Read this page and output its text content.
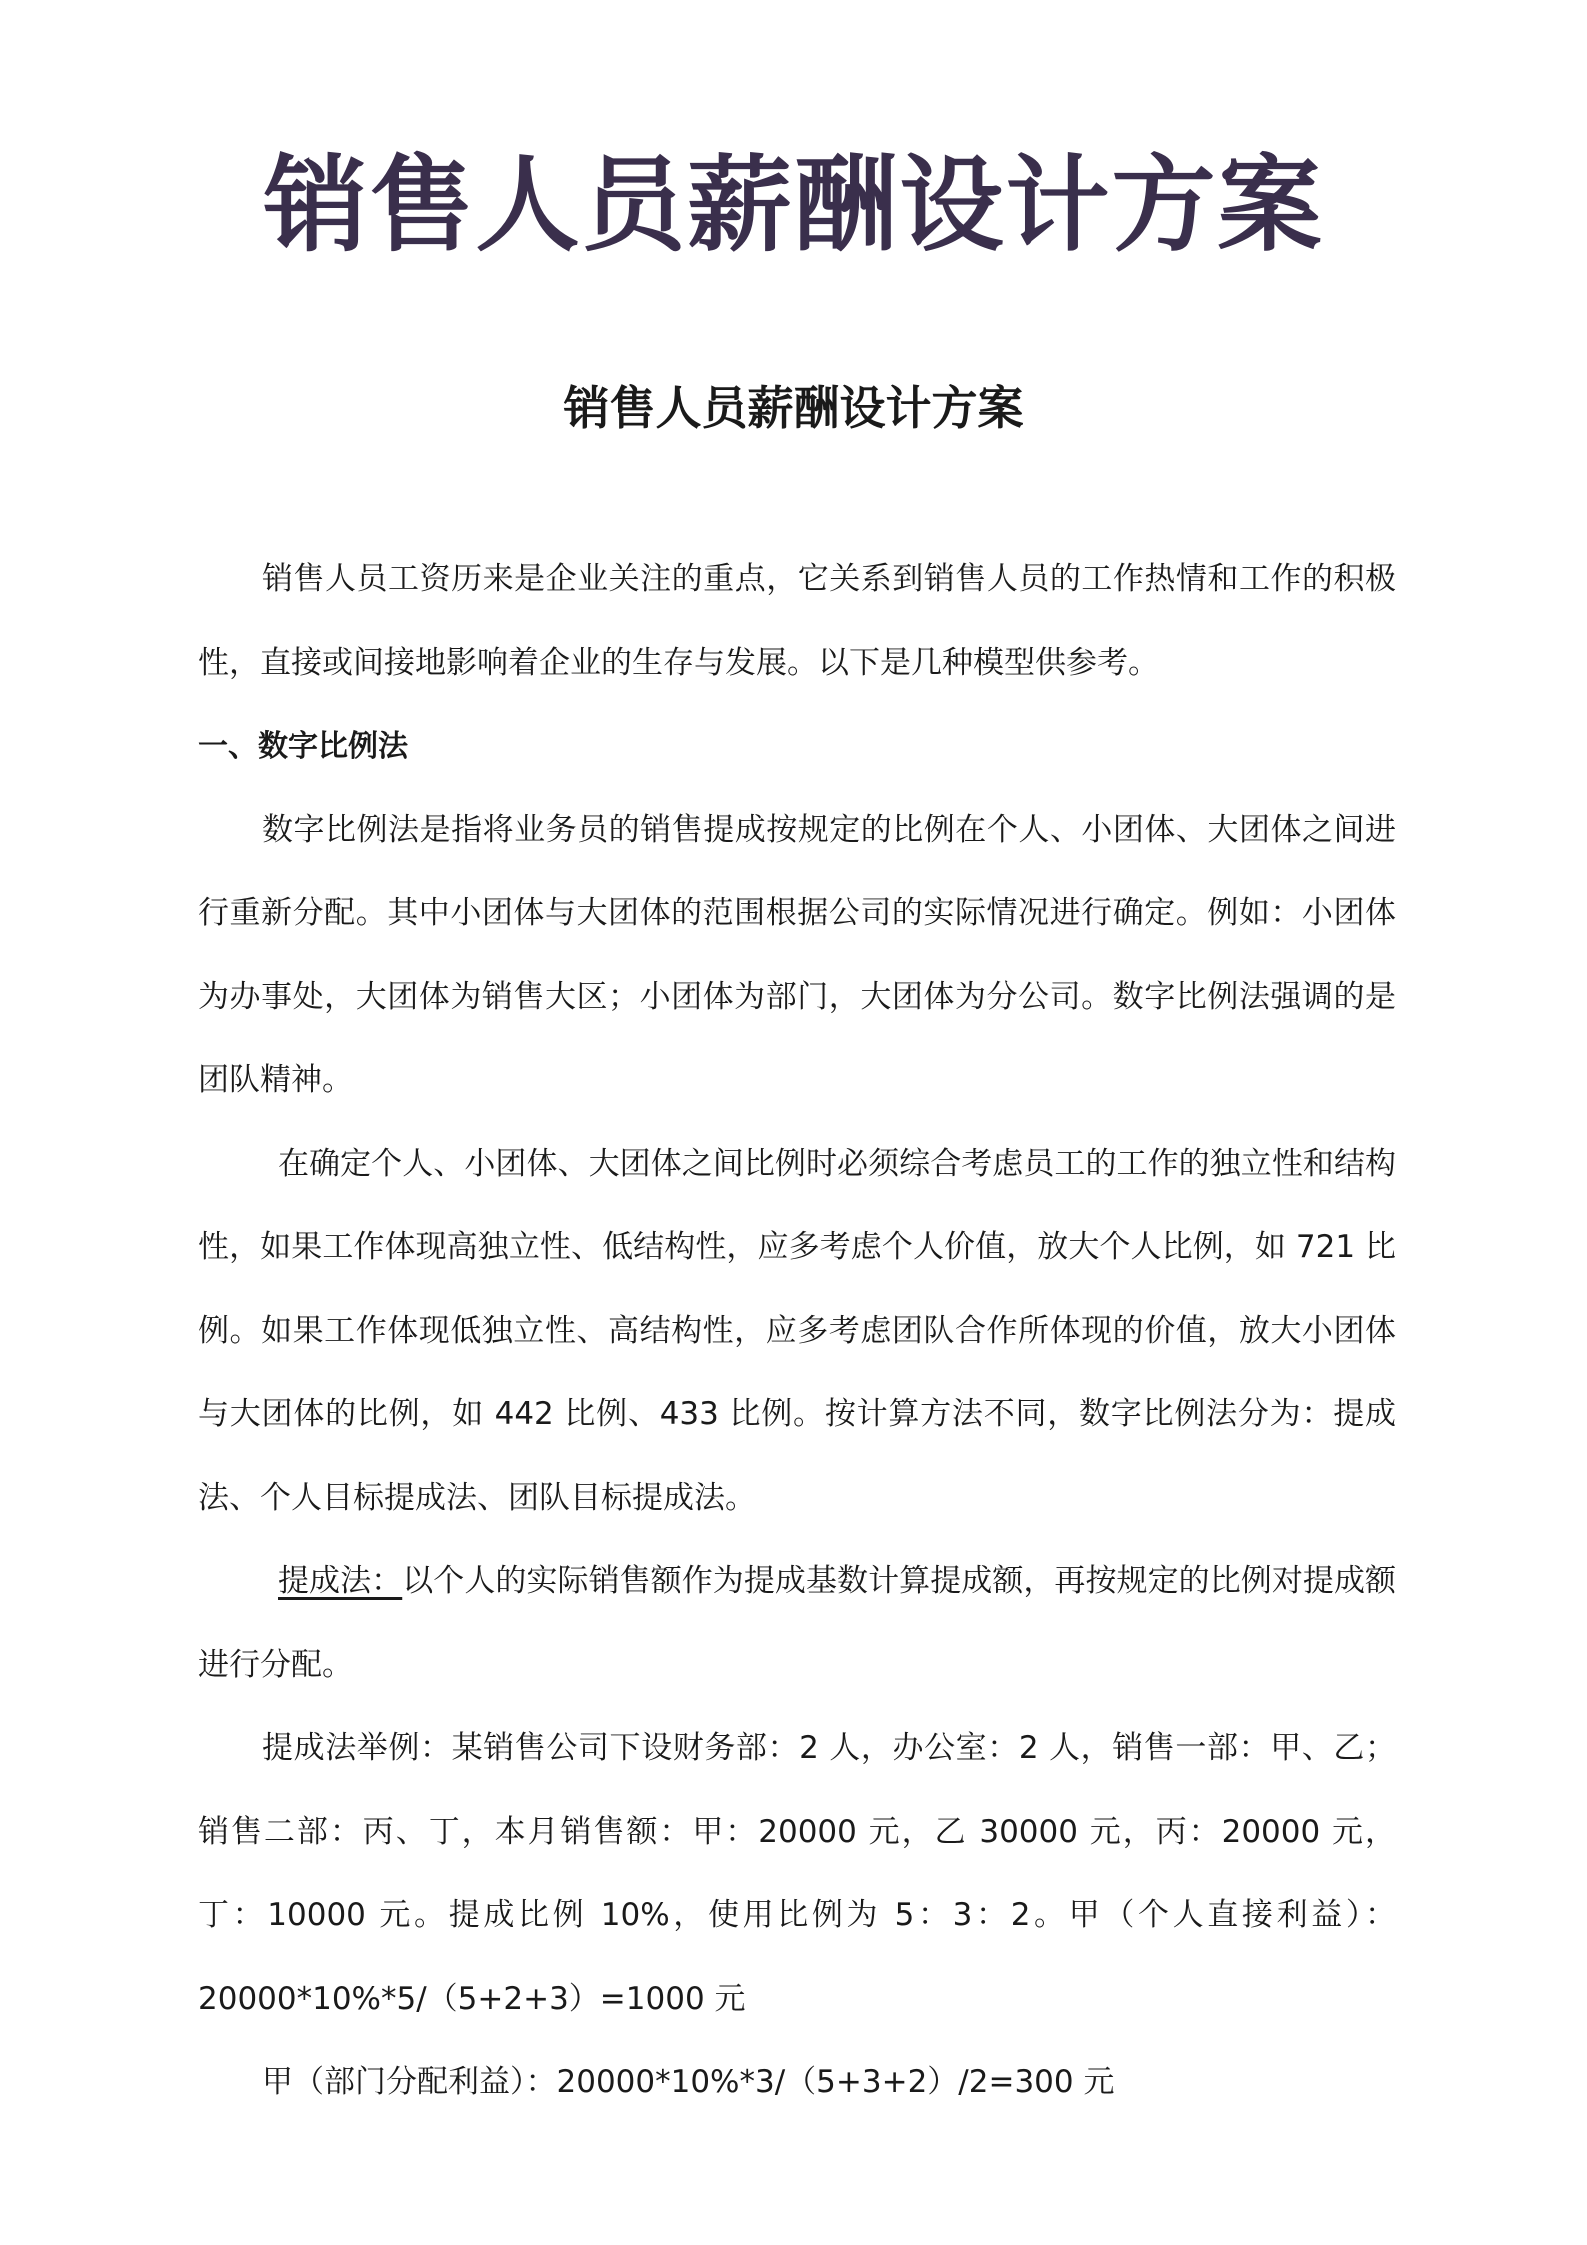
销售人员薪酬设计方案
销售人员薪酬设计方案

销售人员工资历来是企业关注的重点，它关系到销售人员的工作热情和工作的积极性，直接或间接地影响着企业的生存与发展。以下是几种模型供参考。

一、数字比例法

数字比例法是指将业务员的销售提成按规定的比例在个人、小团体、大团体之间进行重新分配。其中小团体与大团体的范围根据公司的实际情况进行确定。例如：小团体为办事处，大团体为销售大区；小团体为部门，大团体为分公司。数字比例法强调的是团队精神。

在确定个人、小团体、大团体之间比例时必须综合考虑员工的工作的独立性和结构性，如果工作体现高独立性、低结构性，应多考虑个人价值，放大个人比例，如 721 比例。如果工作体现低独立性、高结构性，应多考虑团队合作所体现的价值，放大小团体与大团体的比例，如 442 比例、433 比例。按计算方法不同，数字比例法分为：提成法、个人目标提成法、团队目标提成法。

提成法：以个人的实际销售额作为提成基数计算提成额，再按规定的比例对提成额进行分配。

提成法举例：某销售公司下设财务部：2 人，办公室：2 人，销售一部：甲、乙；销售二部：丙、丁，本月销售额：甲：20000 元，乙 30000 元，丙：20000 元，丁：10000 元。提成比例 10%，使用比例为 5：3：2。甲（个人直接利益）：20000*10%*5/（5+2+3）=1000 元

甲（部门分配利益）：20000*10%*3/（5+3+2）/2=300 元
